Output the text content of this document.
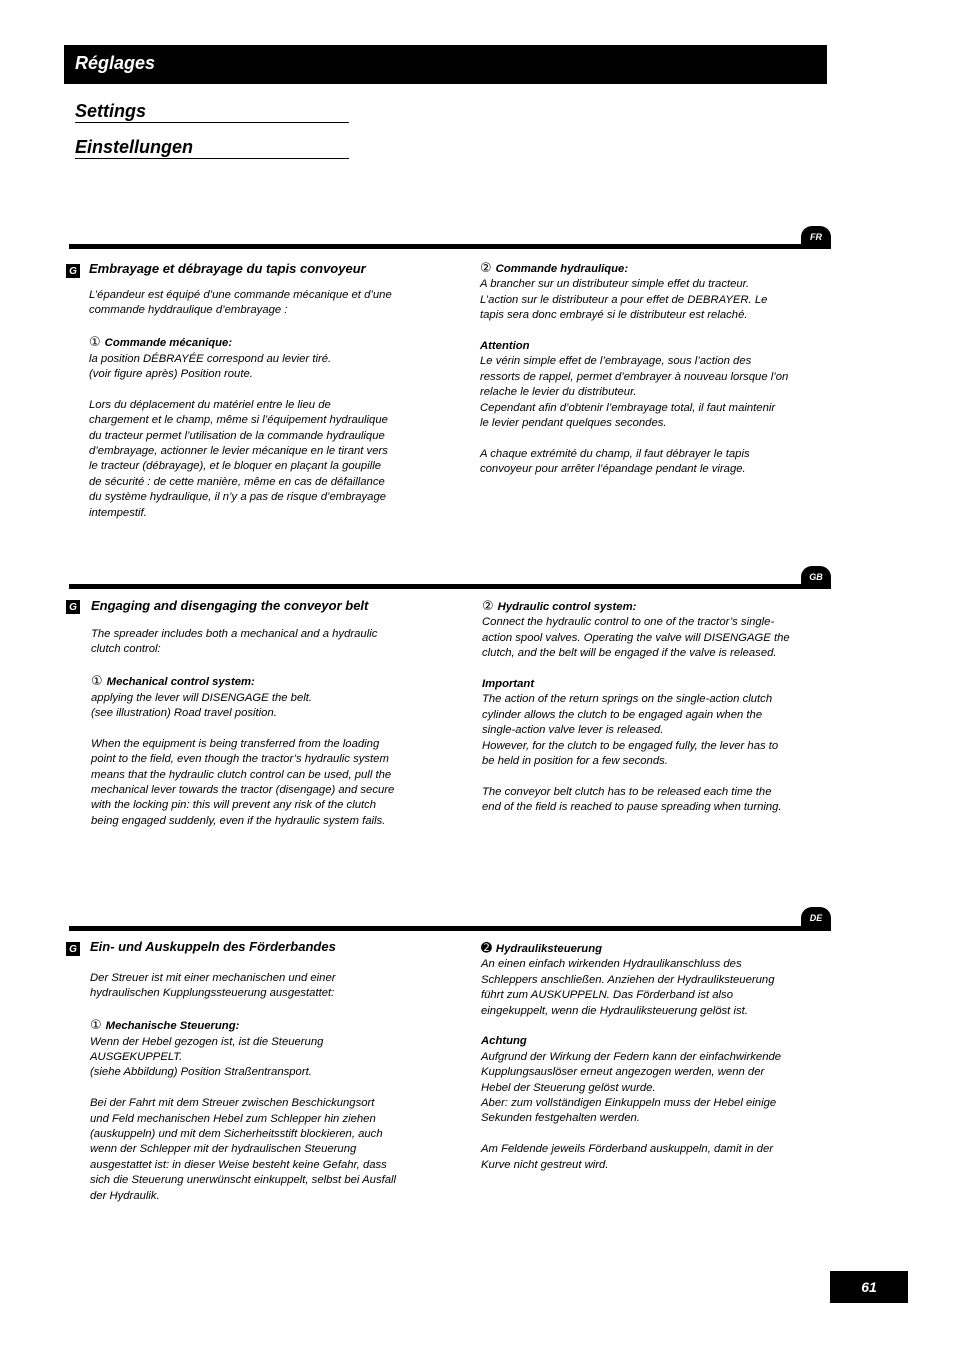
Réglages
Settings
Einstellungen
FR
G Embrayage et débrayage du tapis convoyeur

L’épandeur est équipé d’une commande mécanique et d’une
commande hyddraulique d’embrayage :

① Commande mécanique:

la position DÉBRAYÉE correspond au levier tiré.
(voir figure après) Position route.

Lors du déplacement du matériel entre le lieu de
chargement et le champ, même si l’équipement hydraulique
du tracteur permet l’utilisation de la commande hydraulique
d’embrayage, actionner le levier mécanique en le tirant vers
le tracteur (débrayage), et le bloquer en plaçant la goupille
de sécurité : de cette manière, même en cas de défaillance
du système hydraulique, il n’y a pas de risque d’embrayage
intempestif.

② Commande hydraulique:

A brancher sur un distributeur simple effet du tracteur.
L’action sur le distributeur a pour effet de DEBRAYER. Le
tapis sera donc embrayé si le distributeur est relaché.

Attention

Le vérin simple effet de l’embrayage, sous l’action des
ressorts de rappel, permet d’embrayer à nouveau lorsque l’on
relache le levier du distributeur.
Cependant afin d’obtenir l’embrayage total, il faut maintenir
le levier pendant quelques secondes.

A chaque extrémité du champ, il faut débrayer le tapis
convoyeur pour arrêter l’épandage pendant le virage.

GB
G Engaging and disengaging the conveyor belt

The spreader includes both a mechanical and a hydraulic
clutch control:

① Mechanical control system:

applying the lever will DISENGAGE the belt.
(see illustration) Road travel position.

When the equipment is being transferred from the loading
point to the field, even though the tractor’s hydraulic system
means that the hydraulic clutch control can be used, pull the
mechanical lever towards the tractor (disengage) and secure
with the locking pin: this will prevent any risk of the clutch
being engaged suddenly, even if the hydraulic system fails.

② Hydraulic control system:

Connect the hydraulic control to one of the tractor’s single-
action spool valves. Operating the valve will DISENGAGE the
clutch, and the belt will be engaged if the valve is released.

Important

The action of the return springs on the single-action clutch
cylinder allows the clutch to be engaged again when the
single-action valve lever is released.
However, for the clutch to be engaged fully, the lever has to
be held in position for a few seconds.

The conveyor belt clutch has to be released each time the
end of the field is reached to pause spreading when turning.

DE
G Ein- und Auskuppeln des Förderbandes

Der Streuer ist mit einer mechanischen und einer
hydraulischen Kupplungssteuerung ausgestattet:

① Mechanische Steuerung:

Wenn der Hebel gezogen ist, ist die Steuerung
AUSGEKUPPELT.
(siehe Abbildung) Position Straßentransport.

Bei der Fahrt mit dem Streuer zwischen Beschickungsort
und Feld mechanischen Hebel zum Schlepper hin ziehen
(auskuppeln) und mit dem Sicherheitsstift blockieren, auch
wenn der Schlepper mit der hydraulischen Steuerung
ausgestattet ist: in dieser Weise besteht keine Gefahr, dass
sich die Steuerung unerwünscht einkuppelt, selbst bei Ausfall
der Hydraulik.

➋ Hydrauliksteuerung

An einen einfach wirkenden Hydraulikanschluss des
Schleppers anschließen. Anziehen der Hydrauliksteuerung
führt zum AUSKUPPELN. Das Förderband ist also
eingekuppelt, wenn die Hydrauliksteuerung gelöst ist.

Achtung

Aufgrund der Wirkung der Federn kann der einfachwirkende
Kupplungsauslöser erneut angezogen werden, wenn der
Hebel der Steuerung gelöst wurde.
Aber: zum vollständigen Einkuppeln muss der Hebel einige
Sekunden festgehalten werden.

Am Feldende jeweils Förderband auskuppeln, damit in der
Kurve nicht gestreut wird.

61
